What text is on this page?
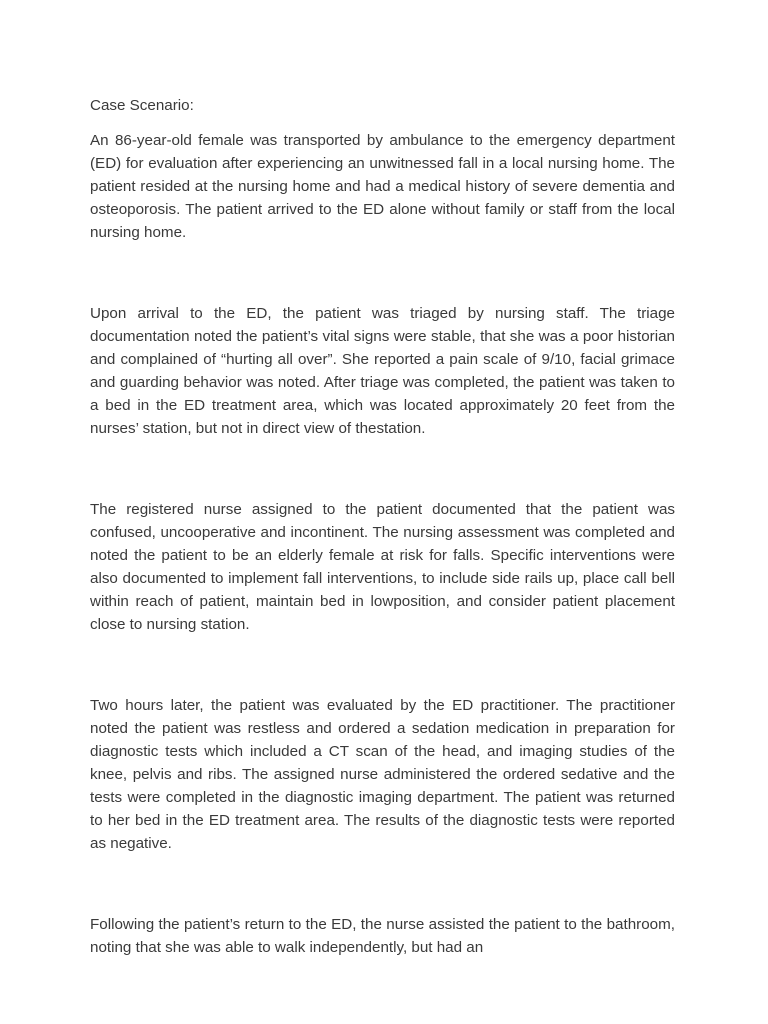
Case Scenario:

An 86-year-old female was transported by ambulance to the emergency department (ED) for evaluation after experiencing an unwitnessed fall in a local nursing home. The patient resided at the nursing home and had a medical history of severe dementia and osteoporosis. The patient arrived to the ED alone without family or staff from the local nursing home.

Upon arrival to the ED, the patient was triaged by nursing staff. The triage documentation noted the patient’s vital signs were stable, that she was a poor historian and complained of “hurting all over”. She reported a pain scale of 9/10, facial grimace and guarding behavior was noted. After triage was completed, the patient was taken to a bed in the ED treatment area, which was located approximately 20 feet from the nurses’ station, but not in direct view of thestation.

The registered nurse assigned to the patient documented that the patient was confused, uncooperative and incontinent. The nursing assessment was completed and noted the patient to be an elderly female at risk for falls. Specific interventions were also documented to implement fall interventions, to include side rails up, place call bell within reach of patient, maintain bed in lowposition, and consider patient placement close to nursing station.

Two hours later, the patient was evaluated by the ED practitioner. The practitioner noted the patient was restless and ordered a sedation medication in preparation for diagnostic tests which included a CT scan of the head, and imaging studies of the knee, pelvis and ribs. The assigned nurse administered the ordered sedative and the tests were completed in the diagnostic imaging department. The patient was returned to her bed in the ED treatment area. The results of the diagnostic tests were reported as negative.

Following the patient’s return to the ED, the nurse assisted the patient to the bathroom, noting that she was able to walk independently, but had an
